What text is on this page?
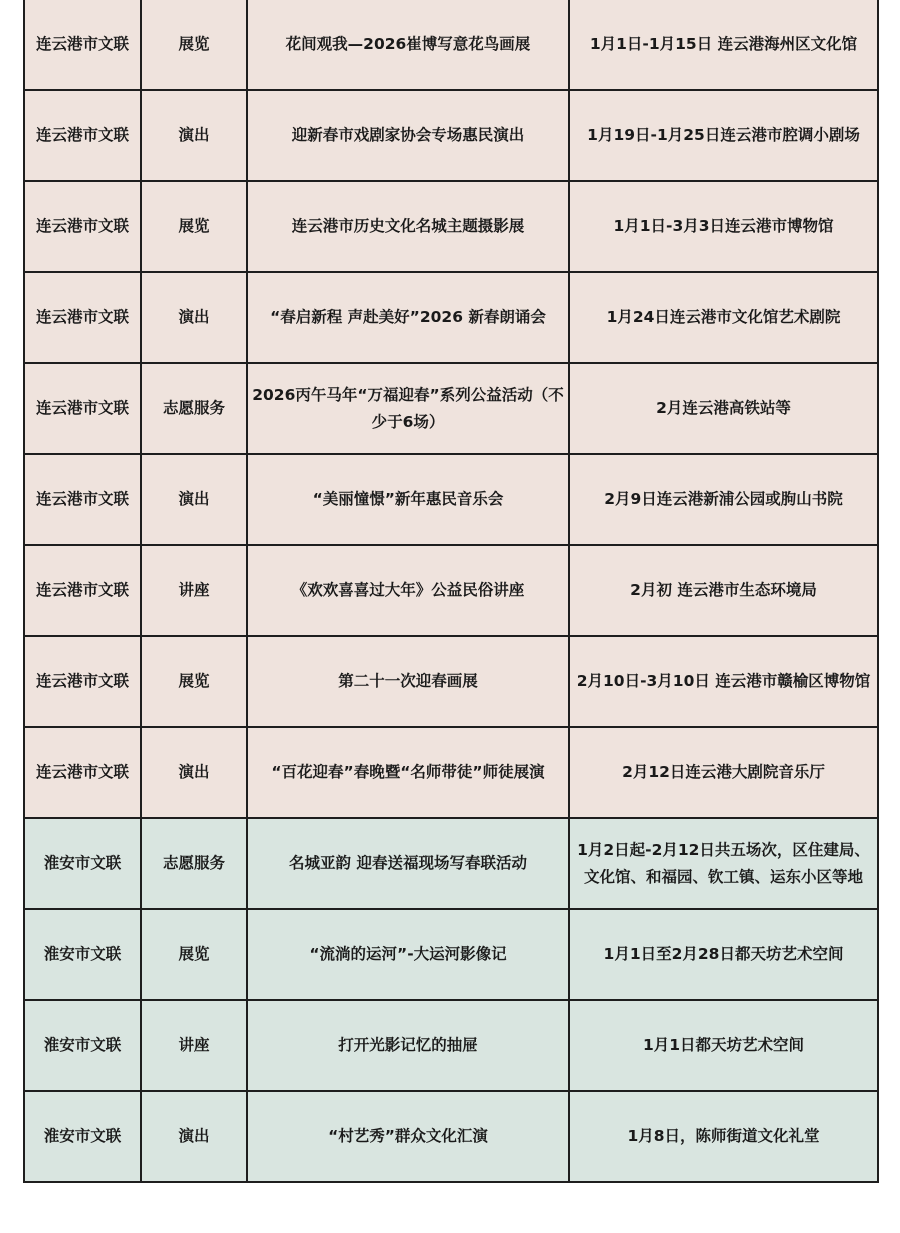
连云港市文联	展览	花间观我—2026崔博写意花鸟画展	1月1日-1月15日 连云港海州区文化馆
连云港市文联	演出	迎新春市戏剧家协会专场惠民演出	1月19日-1月25日连云港市腔调小剧场
连云港市文联	展览	连云港市历史文化名城主题摄影展	1月1日-3月3日连云港市博物馆
连云港市文联	演出	“春启新程 声赴美好”2026 新春朗诵会	1月24日连云港市文化馆艺术剧院
连云港市文联	志愿服务	2026丙午马年“万福迎春”系列公益活动（不少于6场）	2月连云港高铁站等
连云港市文联	演出	“美丽憧憬”新年惠民音乐会	2月9日连云港新浦公园或朐山书院
连云港市文联	讲座	《欢欢喜喜过大年》公益民俗讲座	2月初 连云港市生态环境局
连云港市文联	展览	第二十一次迎春画展	2月10日-3月10日 连云港市赣榆区博物馆
连云港市文联	演出	“百花迎春”春晚暨“名师带徒”师徒展演	2月12日连云港大剧院音乐厅
淮安市文联	志愿服务	名城亚韵 迎春送福现场写春联活动	1月2日起-2月12日共五场次，区住建局、文化馆、和福园、钦工镇、运东小区等地
淮安市文联	展览	“流淌的运河”-大运河影像记	1月1日至2月28日都天坊艺术空间
淮安市文联	讲座	打开光影记忆的抽屉	1月1日都天坊艺术空间
淮安市文联	演出	“村艺秀”群众文化汇演	1月8日，陈师街道文化礼堂
